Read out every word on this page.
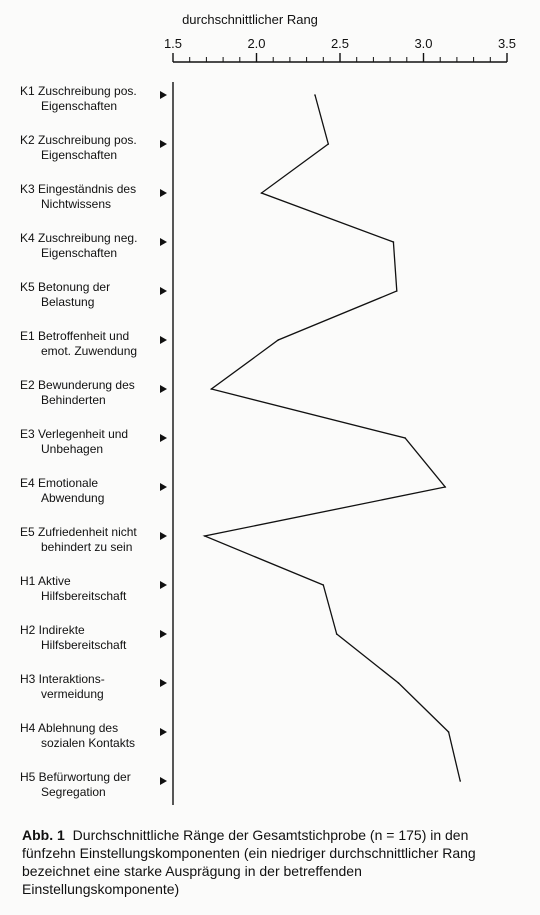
durchschnittlicher Rang
1.5	2.0	2.5	3.0	3.5
K1 Zuschreibung pos. Eigenschaften
K2 Zuschreibung pos. Eigenschaften
K3 Eingeständnis des Nichtwissens
K4 Zuschreibung neg. Eigenschaften
K5 Betonung der Belastung
E1 Betroffenheit und emot. Zuwendung
E2 Bewunderung des Behinderten
E3 Verlegenheit und Unbehagen
E4 Emotionale Abwendung
E5 Zufriedenheit nicht behindert zu sein
H1 Aktive Hilfsbereitschaft
H2 Indirekte Hilfsbereitschaft
H3 Interaktions-vermeidung
H4 Ablehnung des sozialen Kontakts
H5 Befürwortung der Segregation
Abb. 1 Durchschnittliche Ränge der Gesamtstichprobe (n = 175) in den fünfzehn Einstellungskomponenten (ein niedriger durchschnittlicher Rang bezeichnet eine starke Ausprägung in der betreffenden Einstellungskomponente)
